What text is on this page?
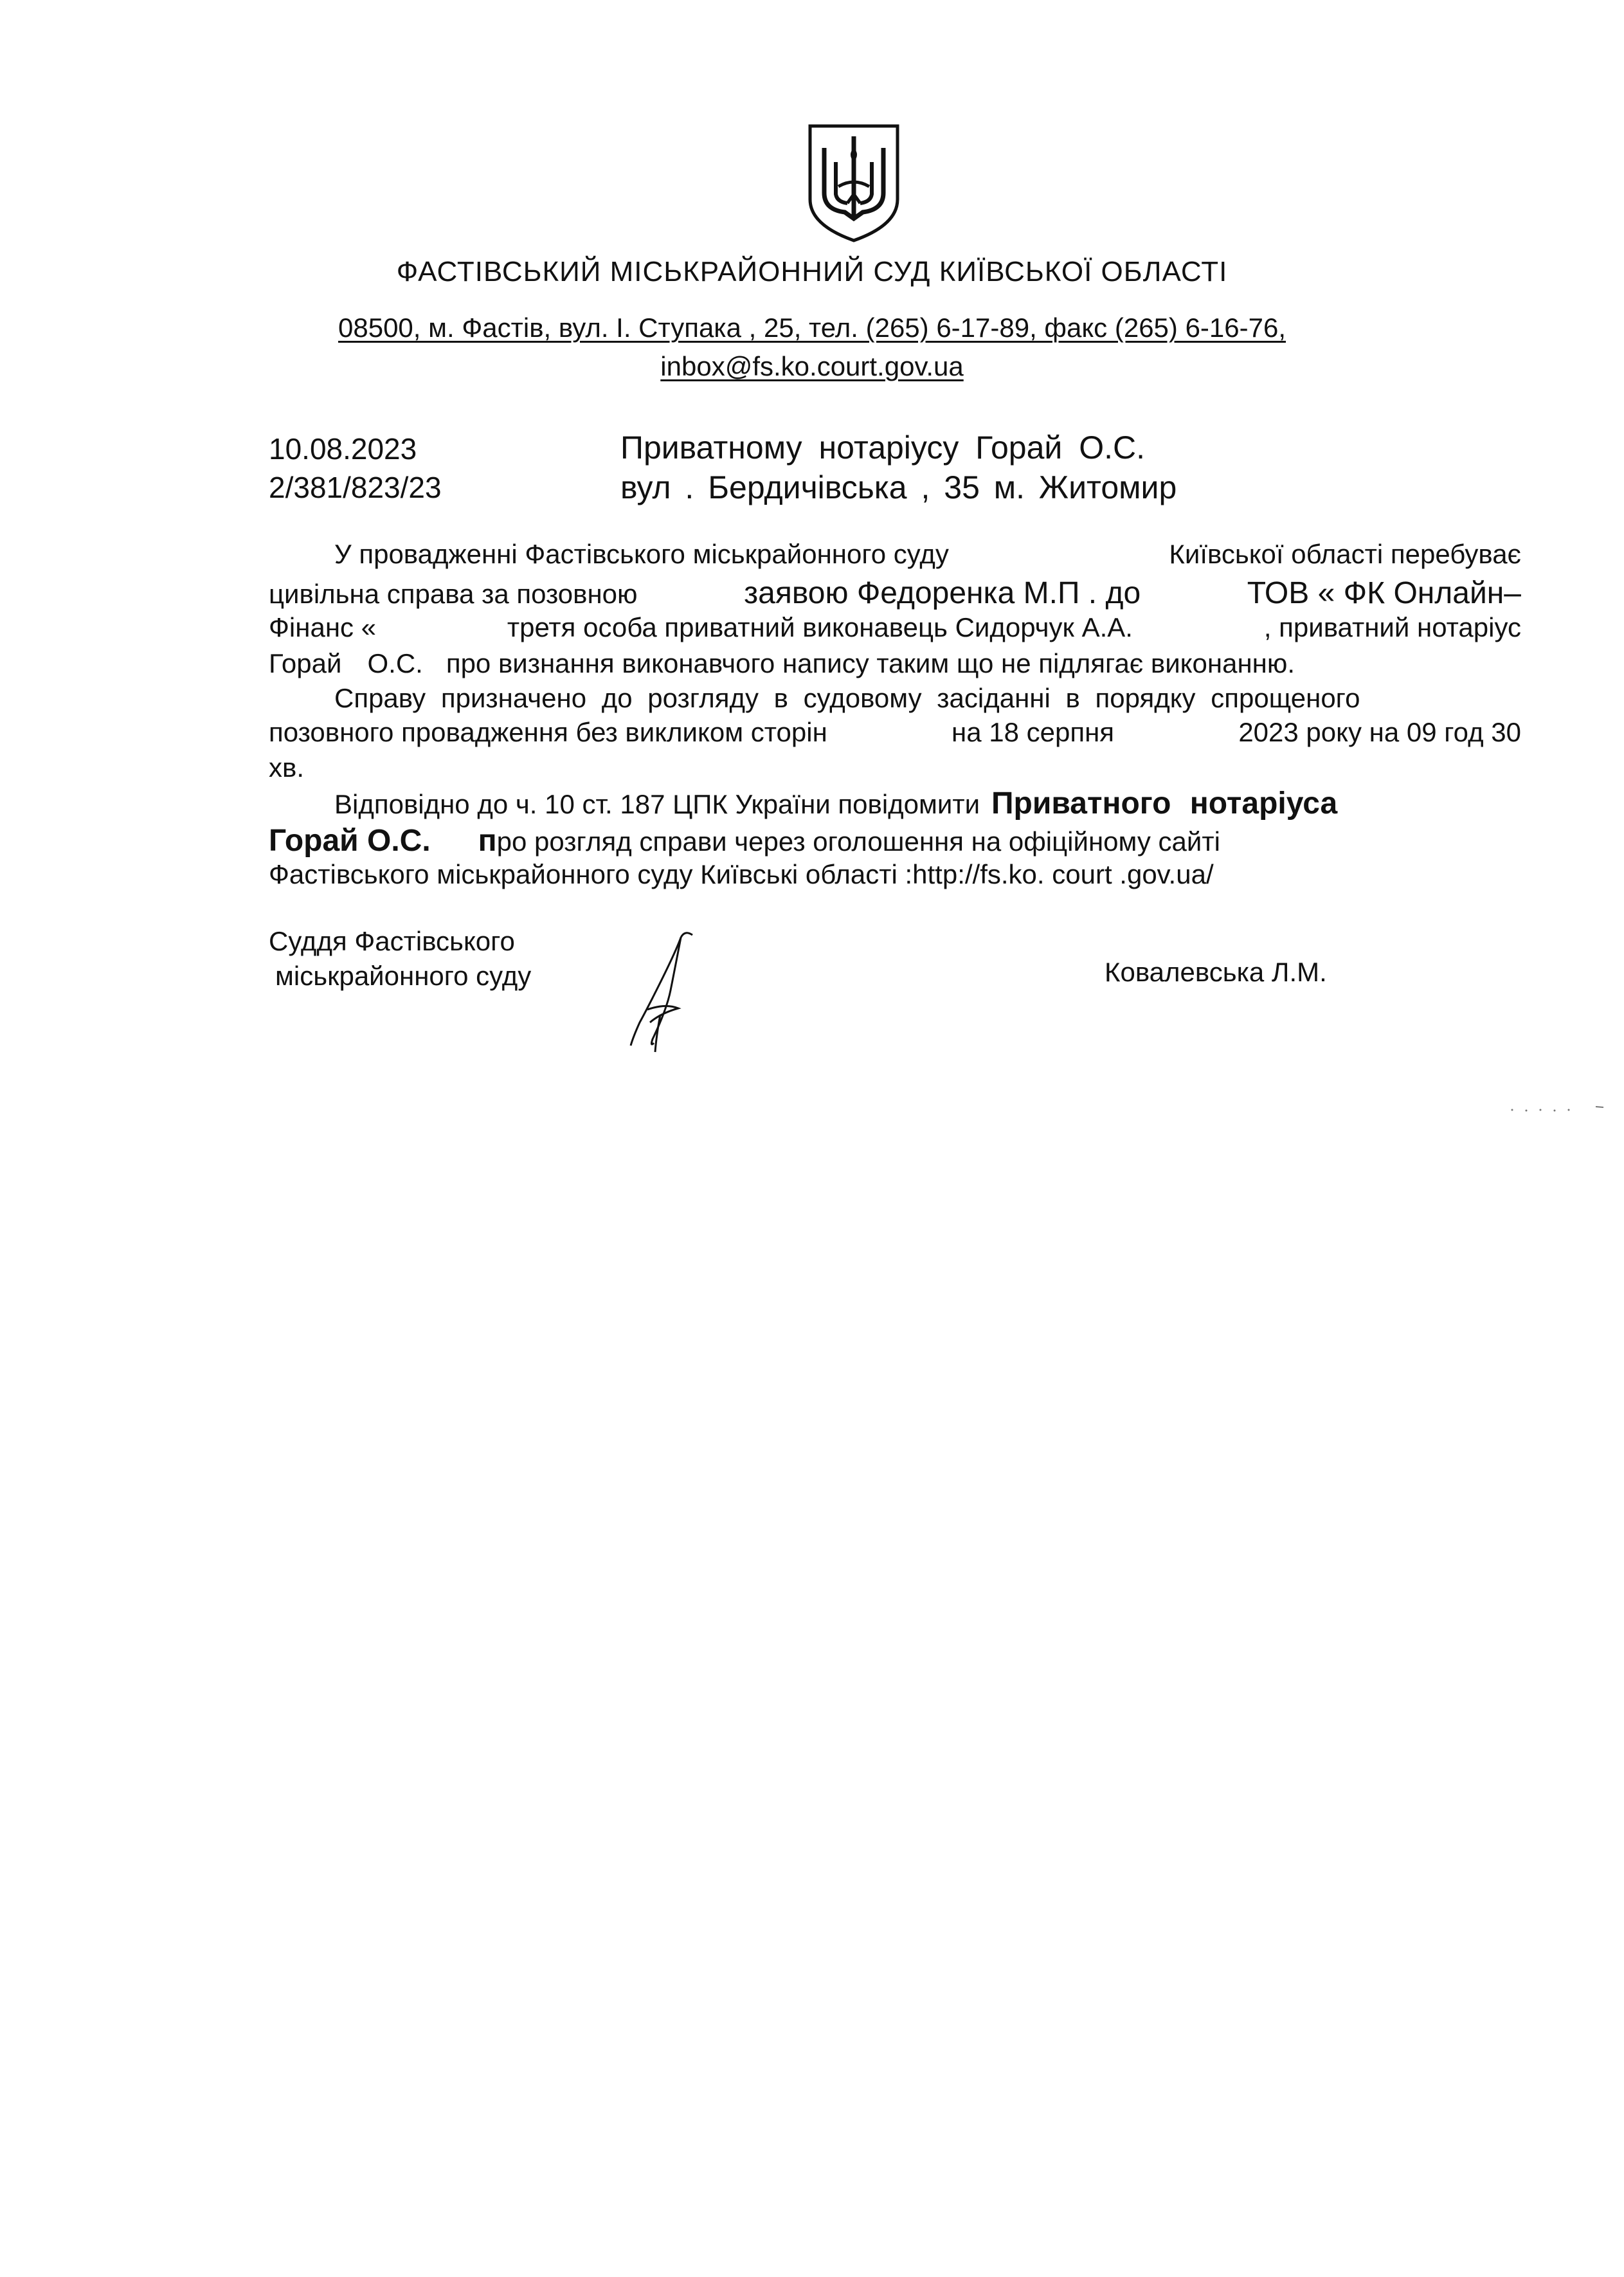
ФАСТІВСЬКИЙ МІСЬКРАЙОННИЙ СУД КИЇВСЬКОЇ ОБЛАСТІ
08500, м. Фастів, вул. І. Ступака , 25, тел. (265) 6-17-89, факс (265) 6-16-76,
inbox@fs.ko.court.gov.ua
10.08.2023
2/381/823/23
Приватному нотаріусу Горай О.С.
вул . Бердичівська , 35 м. Житомир
У провадженні Фастівського міськрайонного суду	Київської області перебуває
цивільна справа за позовною	заявою Федоренка М.П . до	ТОВ « ФК Онлайн–
Фінанс «	третя особа приватний виконавець Сидорчук А.А.	, приватний нотаріус
Горай О.С. про визнання виконавчого напису таким що не підлягає виконанню.
Справу призначено до розгляду в судовому засіданні в порядку спрощеного
позовного провадження без викликом сторін	на 18 серпня	2023 року на 09 год 30
хв.
Відповідно до ч. 10 ст. 187 ЦПК України повідомити Приватного нотаріуса
Горай О.С. п ро розгляд справи через оголошення на офіційному сайті
Фастівського міськрайонного суду Київські області :http://fs.ko. court .gov.ua/
Суддя Фастівського
міськрайонного суду	Ковалевська Л.М.
